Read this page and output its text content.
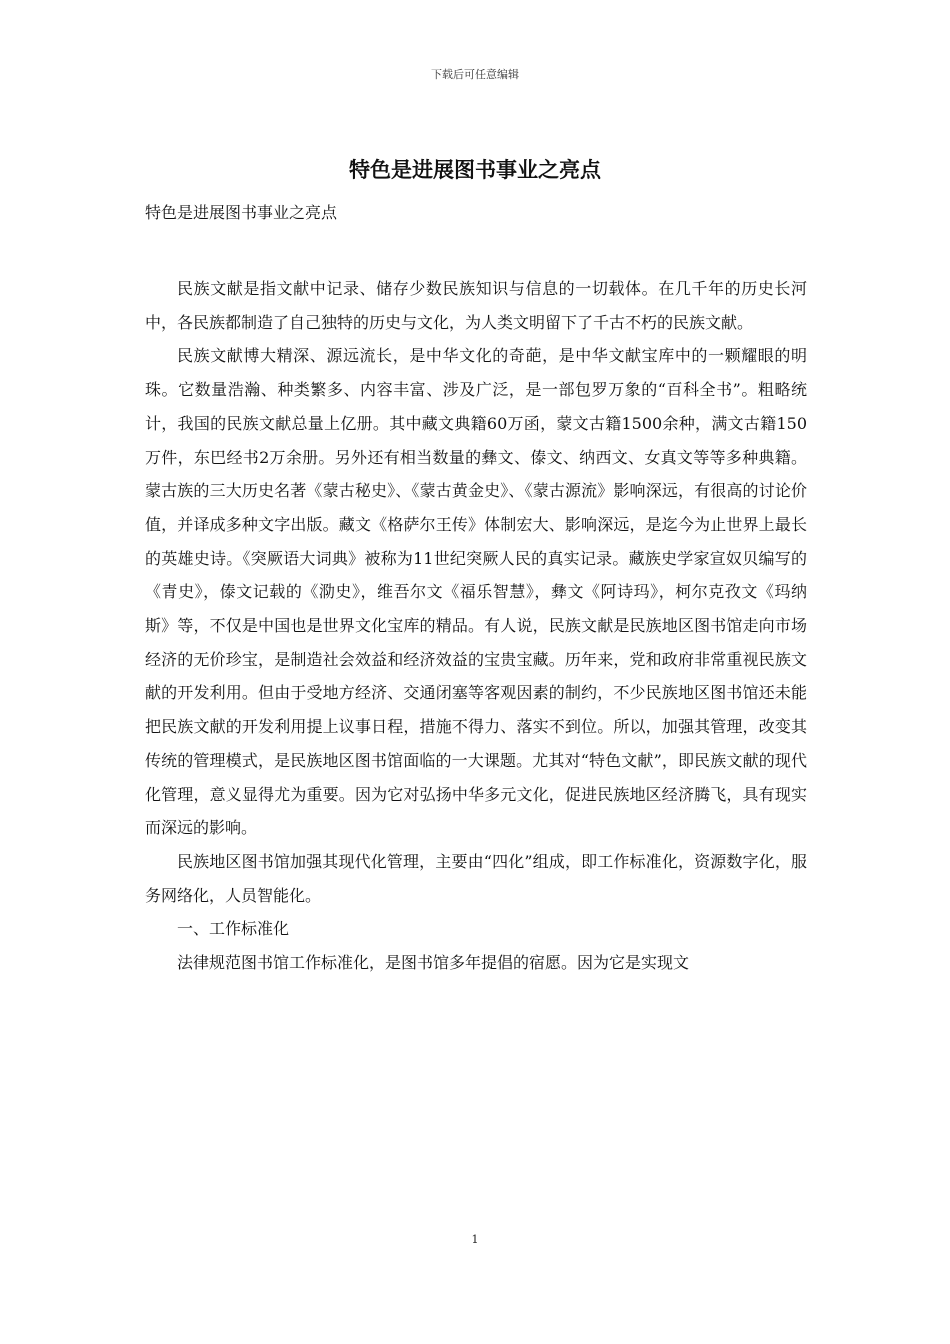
下载后可任意编辑
特色是进展图书事业之亮点

特色是进展图书事业之亮点

民族文献是指文献中记录、储存少数民族知识与信息的一切载体。在几千年的历史长河中，各民族都制造了自己独特的历史与文化，为人类文明留下了千古不朽的民族文献。

民族文献博大精深、源远流长，是中华文化的奇葩，是中华文献宝库中的一颗耀眼的明珠。它数量浩瀚、种类繁多、内容丰富、涉及广泛，是一部包罗万象的“百科全书”。粗略统计，我国的民族文献总量上亿册。其中藏文典籍60万函，蒙文古籍1500余种，满文古籍150万件，东巴经书2万余册。另外还有相当数量的彝文、傣文、纳西文、女真文等等多种典籍。蒙古族的三大历史名著《蒙古秘史》、《蒙古黄金史》、《蒙古源流》影响深远，有很高的讨论价值，并译成多种文字出版。藏文《格萨尔王传》体制宏大、影响深远，是迄今为止世界上最长的英雄史诗。《突厥语大词典》被称为11世纪突厥人民的真实记录。藏族史学家宣奴贝编写的《青史》，傣文记载的《泐史》，维吾尔文《福乐智慧》，彝文《阿诗玛》，柯尔克孜文《玛纳斯》等，不仅是中国也是世界文化宝库的精品。有人说，民族文献是民族地区图书馆走向市场经济的无价珍宝，是制造社会效益和经济效益的宝贵宝藏。历年来，党和政府非常重视民族文献的开发利用。但由于受地方经济、交通闭塞等客观因素的制约，不少民族地区图书馆还未能把民族文献的开发利用提上议事日程，措施不得力、落实不到位。所以，加强其管理，改变其传统的管理模式，是民族地区图书馆面临的一大课题。尤其对“特色文献”，即民族文献的现代化管理，意义显得尤为重要。因为它对弘扬中华多元文化，促进民族地区经济腾飞，具有现实而深远的影响。

民族地区图书馆加强其现代化管理，主要由“四化”组成，即工作标准化，资源数字化，服务网络化，人员智能化。

一、工作标准化

法律规范图书馆工作标准化，是图书馆多年提倡的宿愿。因为它是实现文

1
